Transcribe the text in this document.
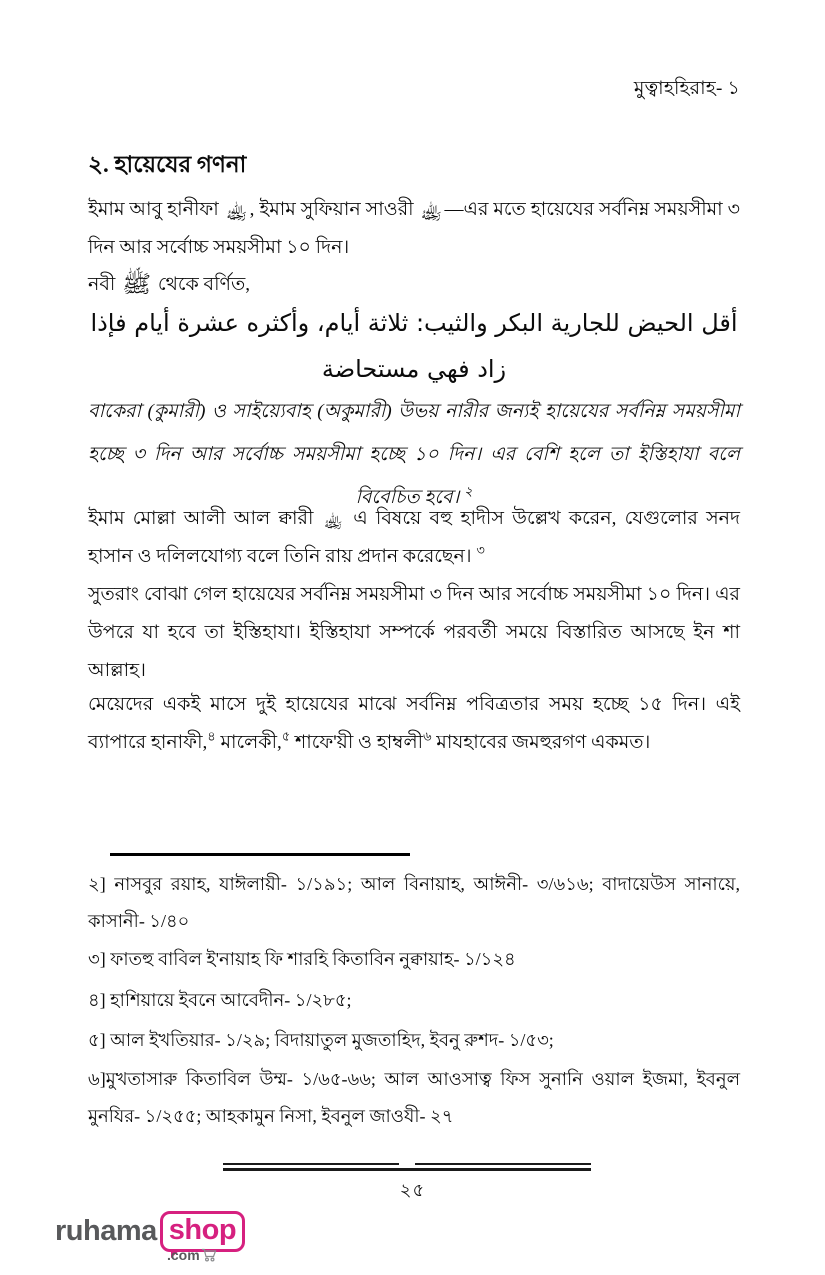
মুত্বাহহিরাহ- ১
২. হায়েযের গণনা

ইমাম আবু হানীফা ﵀ , ইমাম সুফিয়ান সাওরী ﵀ —এর মতে হায়েযের সর্বনিম্ন সময়সীমা ৩ দিন আর সর্বোচ্চ সময়সীমা ১০ দিন।

নবী ﷺ থেকে বর্ণিত,

أقل الحيض للجارية البكر والثيب: ثلاثة أيام، وأكثره عشرة أيام فإذا زاد فهي مستحاضة

বাকেরা (কুমারী) ও সাইয়্যেবাহ (অকুমারী) উভয় নারীর জন্যই হায়েযের সর্বনিম্ন সময়সীমা হচ্ছে ৩ দিন আর সর্বোচ্চ সময়সীমা হচ্ছে ১০ দিন। এর বেশি হলে তা ইস্তিহাযা বলে বিবেচিত হবে। $^২$

ইমাম মোল্লা আলী আল ক্বারী ﵀ এ বিষয়ে বহু হাদীস উল্লেখ করেন, যেগুলোর সনদ হাসান ও দলিলযোগ্য বলে তিনি রায় প্রদান করেছেন। $^৩$

সুতরাং বোঝা গেল হায়েযের সর্বনিম্ন সময়সীমা ৩ দিন আর সর্বোচ্চ সময়সীমা ১০ দিন। এর উপরে যা হবে তা ইস্তিহাযা। ইস্তিহাযা সম্পর্কে পরবর্তী সময়ে বিস্তারিত আসছে ইন শা আল্লাহ।

মেয়েদের একই মাসে দুই হায়েযের মাঝে সর্বনিম্ন পবিত্রতার সময় হচ্ছে ১৫ দিন। এই ব্যাপারে হানাফী,$^৪$ মালেকী,$^৫$ শাফে'য়ী ও হাম্বলী$^৬$ মাযহাবের জমহুরগণ একমত।

২] নাসবুর রয়াহ, যাঈলায়ী- ১/১৯১; আল বিনায়াহ, আঈনী- ৩/৬১৬; বাদায়েউস সানায়ে, কাসানী- ১/৪০

৩] ফাতহু বাবিল ই'নায়াহ ফি শারহি কিতাবিন নুক্বায়াহ- ১/১২৪

৪] হাশিয়ায়ে ইবনে আবেদীন- ১/২৮৫;

৫] আল ইখতিয়ার- ১/২৯; বিদায়াতুল মুজতাহিদ, ইবনু রুশদ- ১/৫৩;

৬]মুখতাসারু কিতাবিল উম্ম- ১/৬৫-৬৬; আল আওসাত্ব ফিস সুনানি ওয়াল ইজমা, ইবনুল মুনযির- ১/২৫৫; আহকামুন নিসা, ইবনুল জাওযী- ২৭

২৫
ruhama shop
.com
